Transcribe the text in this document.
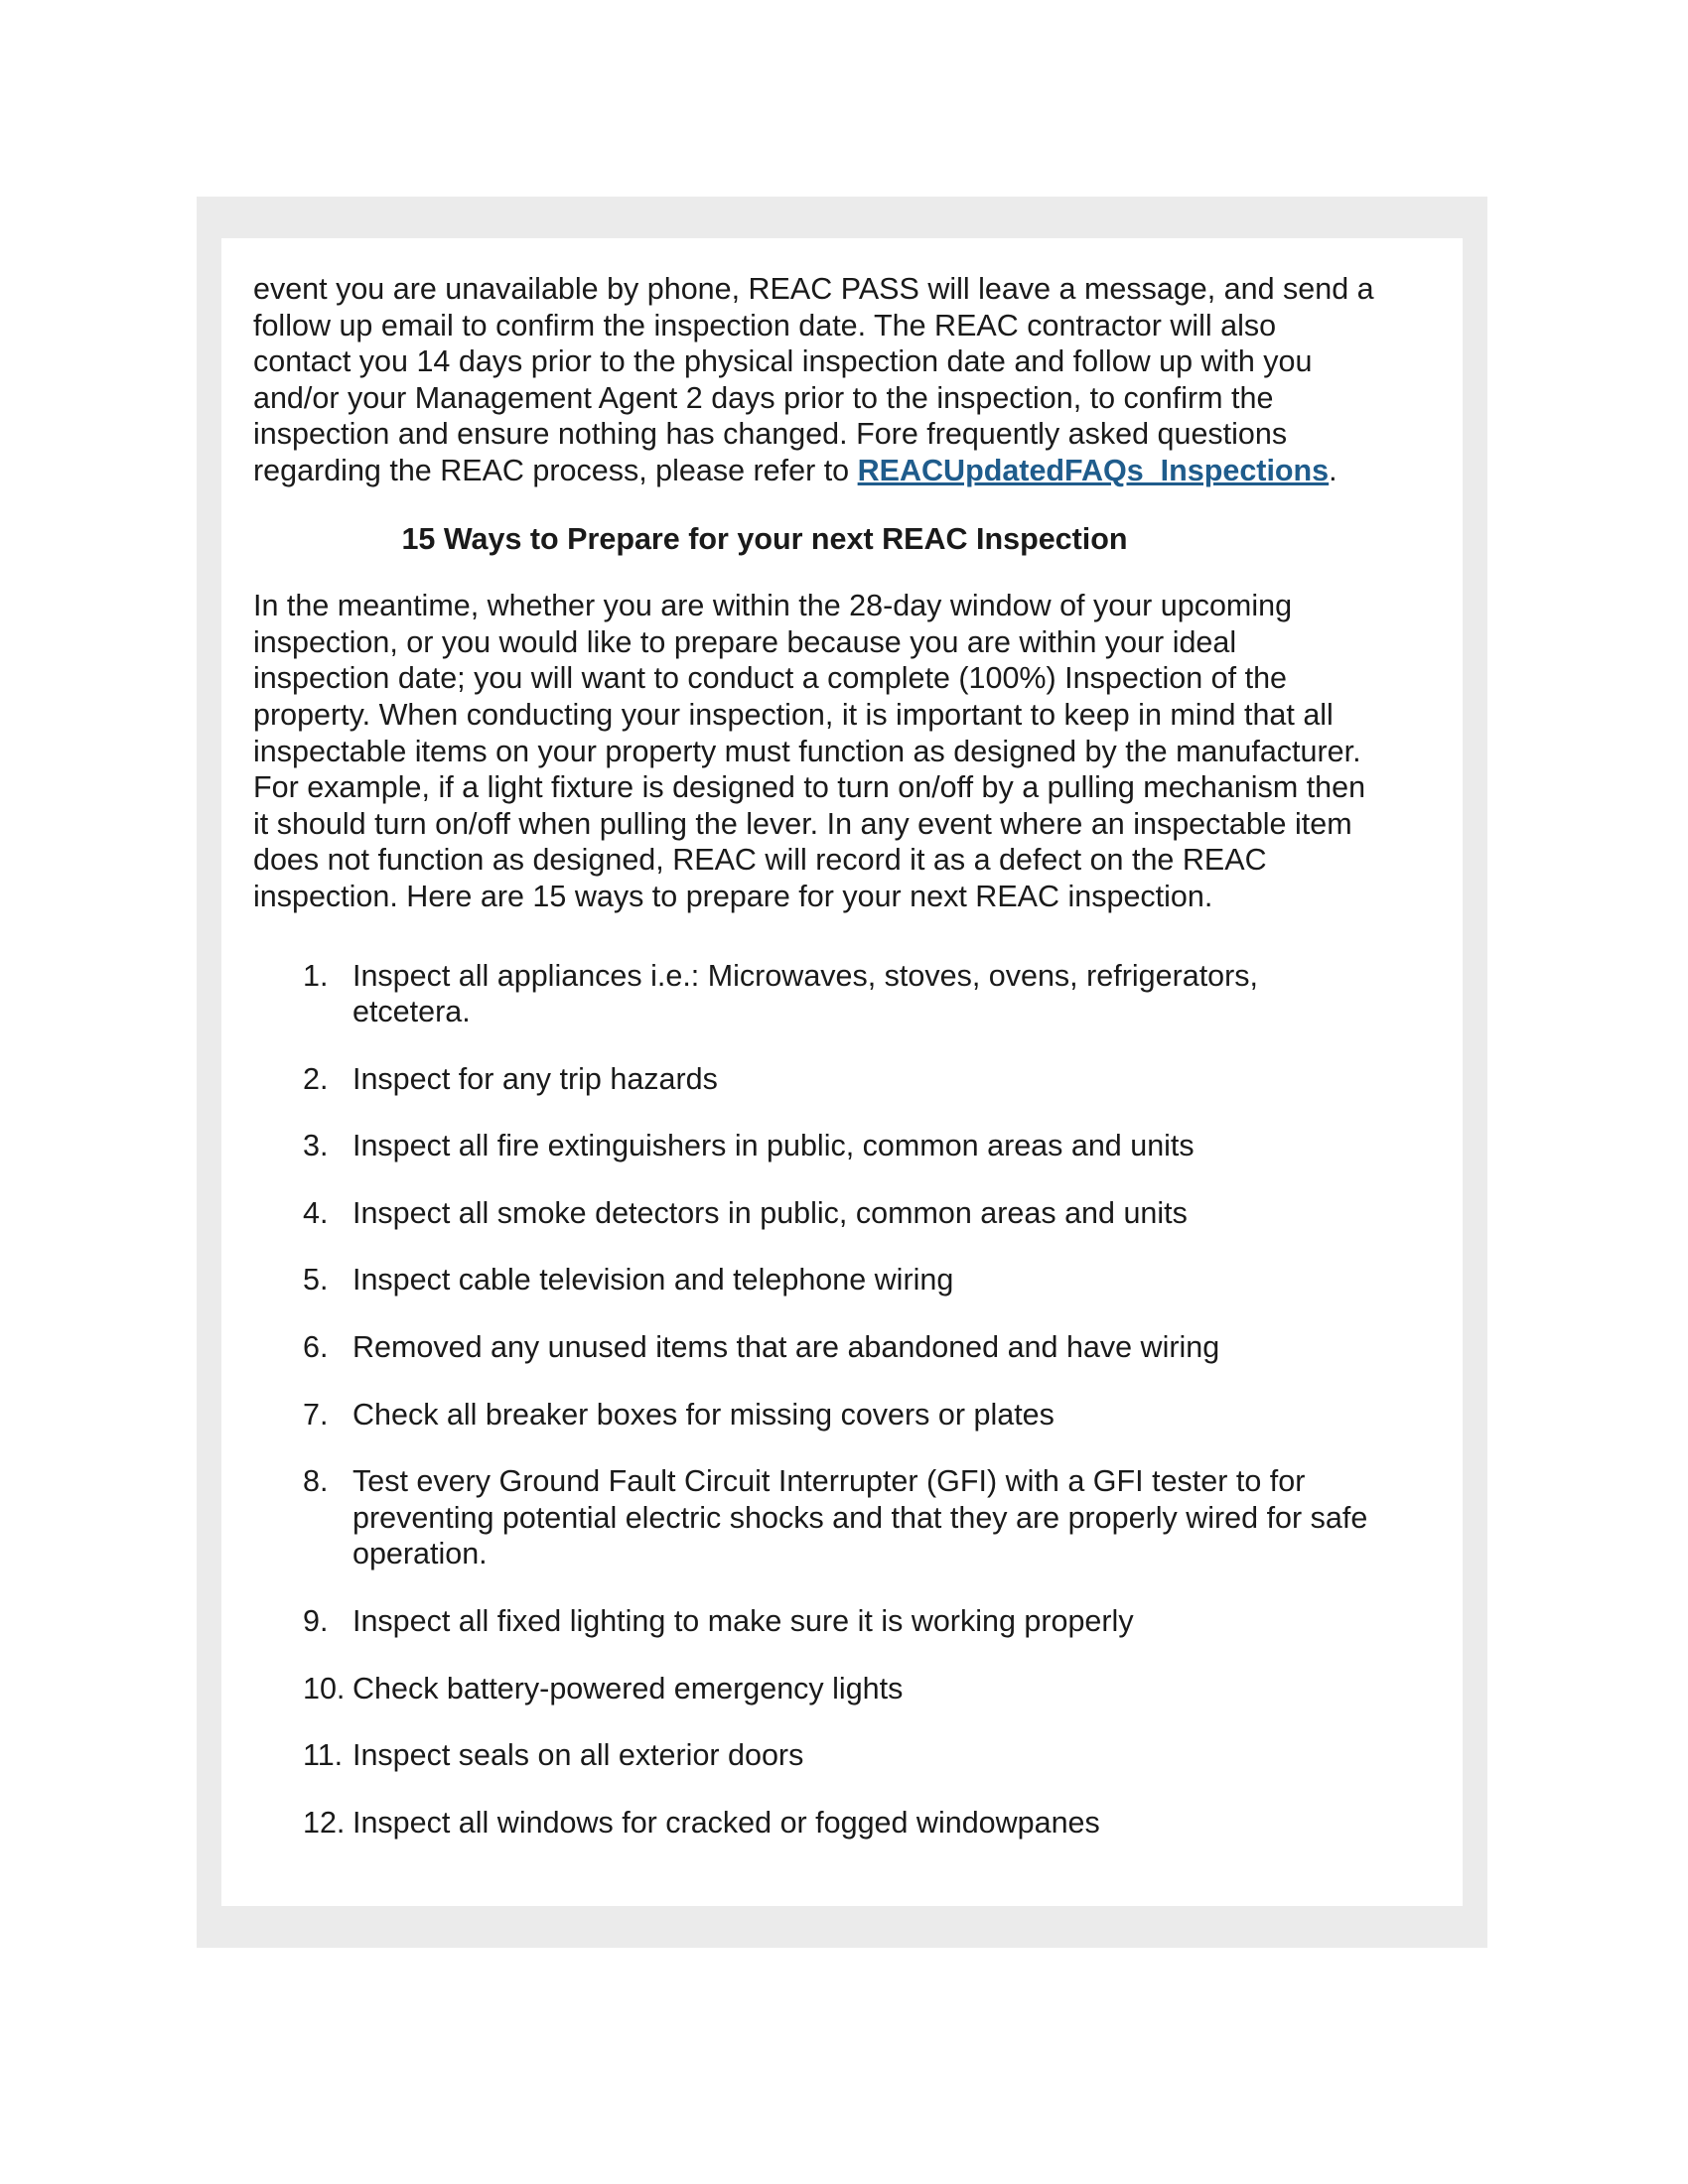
event you are unavailable by phone, REAC PASS will leave a message, and send a
follow up email to confirm the inspection date. The REAC contractor will also
contact you 14 days prior to the physical inspection date and follow up with you
and/or your Management Agent 2 days prior to the inspection, to confirm the
inspection and ensure nothing has changed. Fore frequently asked questions
regarding the REAC process, please refer to REACUpdatedFAQs_Inspections.

15 Ways to Prepare for your next REAC Inspection

In the meantime, whether you are within the 28-day window of your upcoming
inspection, or you would like to prepare because you are within your ideal
inspection date; you will want to conduct a complete (100%) Inspection of the
property. When conducting your inspection, it is important to keep in mind that all
inspectable items on your property must function as designed by the manufacturer.
For example, if a light fixture is designed to turn on/off by a pulling mechanism then
it should turn on/off when pulling the lever. In any event where an inspectable item
does not function as designed, REAC will record it as a defect on the REAC
inspection. Here are 15 ways to prepare for your next REAC inspection.

1. Inspect all appliances i.e.: Microwaves, stoves, ovens, refrigerators,
etcetera.
2. Inspect for any trip hazards
3. Inspect all fire extinguishers in public, common areas and units
4. Inspect all smoke detectors in public, common areas and units
5. Inspect cable television and telephone wiring
6. Removed any unused items that are abandoned and have wiring
7. Check all breaker boxes for missing covers or plates
8. Test every Ground Fault Circuit Interrupter (GFI) with a GFI tester to for
preventing potential electric shocks and that they are properly wired for safe
operation.
9. Inspect all fixed lighting to make sure it is working properly
10. Check battery-powered emergency lights
11. Inspect seals on all exterior doors
12. Inspect all windows for cracked or fogged windowpanes
